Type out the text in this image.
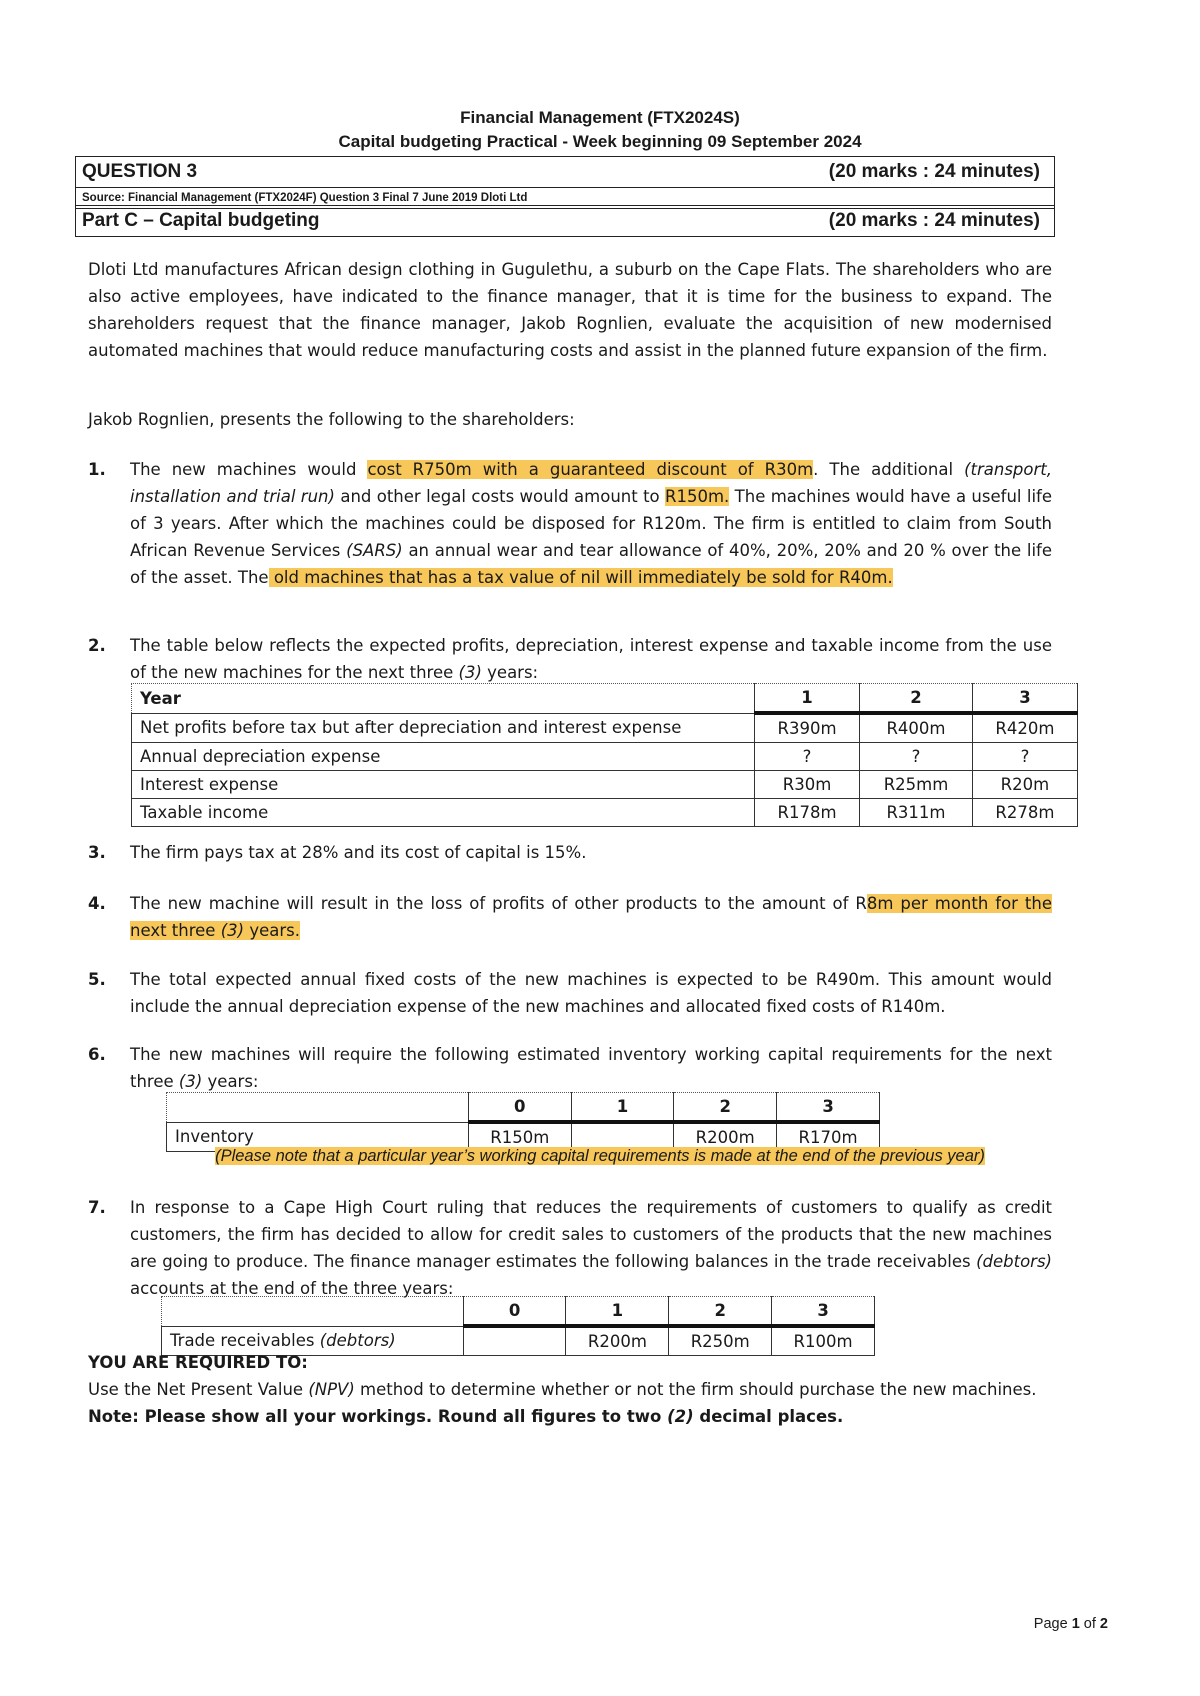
Financial Management (FTX2024S)
Capital budgeting Practical - Week beginning 09 September 2024
QUESTION 3	(20 marks : 24 minutes)
Source: Financial Management (FTX2024F) Question 3 Final 7 June 2019 Dloti Ltd
Part C – Capital budgeting	(20 marks : 24 minutes)
Dloti Ltd manufactures African design clothing in Gugulethu, a suburb on the Cape Flats. The shareholders who are also active employees, have indicated to the finance manager, that it is time for the business to expand. The shareholders request that the finance manager, Jakob Rognlien, evaluate the acquisition of new modernised automated machines that would reduce manufacturing costs and assist in the planned future expansion of the firm.
Jakob Rognlien, presents the following to the shareholders:
1. The new machines would cost R750m with a guaranteed discount of R30m. The additional (transport, installation and trial run) and other legal costs would amount to R150m. The machines would have a useful life of 3 years. After which the machines could be disposed for R120m. The firm is entitled to claim from South African Revenue Services (SARS) an annual wear and tear allowance of 40%, 20%, 20% and 20 % over the life of the asset. The old machines that has a tax value of nil will immediately be sold for R40m.
2. The table below reflects the expected profits, depreciation, interest expense and taxable income from the use of the new machines for the next three (3) years:
Year	1	2	3
Net profits before tax but after depreciation and interest expense	R390m	R400m	R420m
Annual depreciation expense	?	?	?
Interest expense	R30m	R25mm	R20m
Taxable income	R178m	R311m	R278m
3. The firm pays tax at 28% and its cost of capital is 15%.
4. The new machine will result in the loss of profits of other products to the amount of R8m per month for the next three (3) years.
5. The total expected annual fixed costs of the new machines is expected to be R490m. This amount would include the annual depreciation expense of the new machines and allocated fixed costs of R140m.
6. The new machines will require the following estimated inventory working capital requirements for the next three (3) years:
	0	1	2	3
Inventory	R150m		R200m	R170m
(Please note that a particular year’s working capital requirements is made at the end of the previous year)
7. In response to a Cape High Court ruling that reduces the requirements of customers to qualify as credit customers, the firm has decided to allow for credit sales to customers of the products that the new machines are going to produce. The finance manager estimates the following balances in the trade receivables (debtors) accounts at the end of the three years:
	0	1	2	3
Trade receivables (debtors)		R200m	R250m	R100m
YOU ARE REQUIRED TO:
Use the Net Present Value (NPV) method to determine whether or not the firm should purchase the new machines.
Note: Please show all your workings. Round all figures to two (2) decimal places.
Page 1 of 2
